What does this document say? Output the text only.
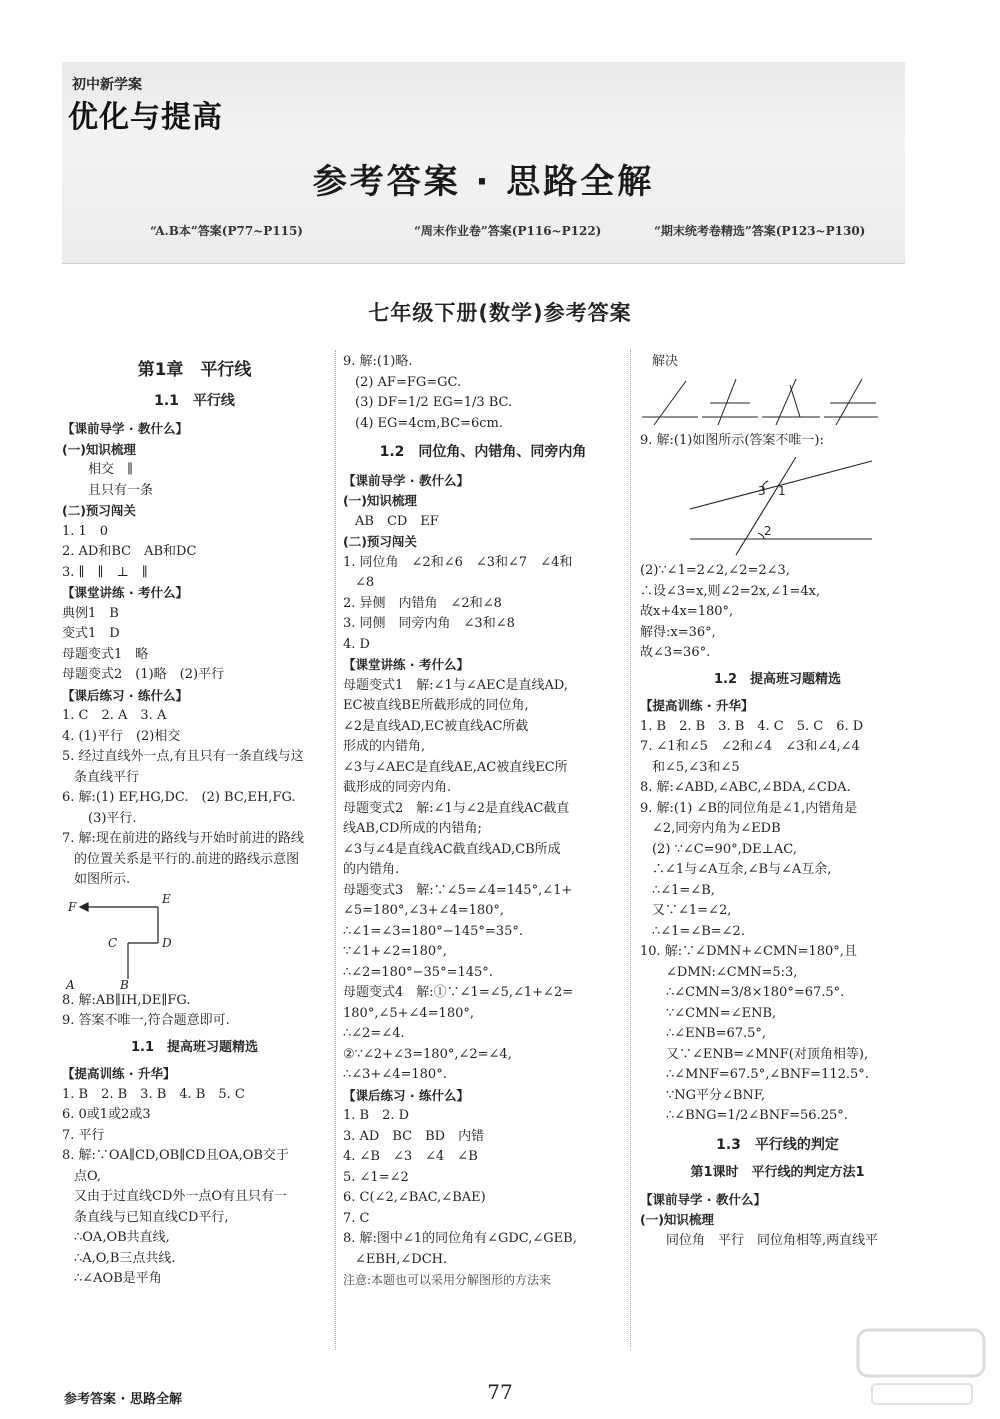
初中新学案
优化与提高
参考答案 · 思路全解
“A.B本”答案(P77~P115)	“周末作业卷”答案(P116~P122)	“期末统考卷精选”答案(P123~P130)
七年级下册(数学)参考答案
第1章　平行线
1.1　平行线
【课前导学 · 教什么】
(一)知识梳理
相交　∥
且只有一条
(二)预习闯关
1. 1　0
2. AD和BC　AB和DC
3. ∥　∥　⊥　∥
【课堂讲练 · 考什么】
典例1　B
变式1　D
母题变式1　略
母题变式2　(1)略　(2)平行
【课后练习 · 练什么】
1. C　2. A　3. A
4. (1)平行　(2)相交
5. 经过直线外一点,有且只有一条直线与这
条直线平行
6. 解:(1) EF,HG,DC.　(2) BC,EH,FG.
(3)平行.
7. 解:现在前进的路线与开始时前进的路线
的位置关系是平行的.前进的路线示意图
如图所示.
F
E
C	D
A	B
8. 解:AB∥IH,DE∥FG.
9. 答案不唯一,符合题意即可.
1.1　提高班习题精选
【提高训练 · 升华】
1. B　2. B　3. B　4. B　5. C
6. 0或1或2或3
7. 平行
8. 解:∵OA∥CD,OB∥CD且OA,OB交于
点O,
又由于过直线CD外一点O有且只有一
条直线与已知直线CD平行,
∴OA,OB共直线,
∴A,O,B三点共线.
∴∠AOB是平角
9. 解:(1)略.
(2) AF=FG=GC.
(3) DF=1/2 EG=1/3 BC.
(4) EG=4cm,BC=6cm.
1.2　同位角、内错角、同旁内角
【课前导学 · 教什么】
(一)知识梳理
AB　CD　EF
(二)预习闯关
1. 同位角　∠2和∠6　∠3和∠7　∠4和
∠8
2. 异侧　内错角　∠2和∠8
3. 同侧　同旁内角　∠3和∠8
4. D
【课堂讲练 · 考什么】
母题变式1　解:∠1与∠AEC是直线AD,
EC被直线BE所截形成的同位角,
∠2是直线AD,EC被直线AC所截
形成的内错角,
∠3与∠AEC是直线AE,AC被直线EC所
截形成的同旁内角.
母题变式2　解:∠1与∠2是直线AC截直
线AB,CD所成的内错角;
∠3与∠4是直线AC截直线AD,CB所成
的内错角.
母题变式3　解:∵∠5=∠4=145°,∠1+
∠5=180°,∠3+∠4=180°,
∴∠1=∠3=180°−145°=35°.
∵∠1+∠2=180°,
∴∠2=180°−35°=145°.
母题变式4　解:①∵∠1=∠5,∠1+∠2=
180°,∠5+∠4=180°,
∴∠2=∠4.
②∵∠2+∠3=180°,∠2=∠4,
∴∠3+∠4=180°.
【课后练习 · 练什么】
1. B　2. D
3. AD　BC　BD　内错
4. ∠B　∠3　∠4　∠B
5. ∠1=∠2
6. C(∠2,∠BAC,∠BAE)
7. C
8. 解:图中∠1的同位角有∠GDC,∠GEB,
∠EBH,∠DCH.
注意:本题也可以采用分解图形的方法来
解决
9. 解:(1)如图所示(答案不唯一):
3 1
2
(2)∵∠1=2∠2,∠2=2∠3,
∴设∠3=x,则∠2=2x,∠1=4x,
故x+4x=180°,
解得:x=36°,
故∠3=36°.
1.2　提高班习题精选
【提高训练 · 升华】
1. B　2. B　3. B　4. C　5. C　6. D
7. ∠1和∠5　∠2和∠4　∠3和∠4,∠4
和∠5,∠3和∠5
8. 解:∠ABD,∠ABC,∠BDA,∠CDA.
9. 解:(1) ∠B的同位角是∠1,内错角是
∠2,同旁内角为∠EDB
(2) ∵∠C=90°,DE⊥AC,
∴∠1与∠A互余,∠B与∠A互余,
∴∠1=∠B,
又∵∠1=∠2,
∴∠1=∠B=∠2.
10. 解:∵∠DMN+∠CMN=180°,且
∠DMN:∠CMN=5:3,
∴∠CMN=3/8×180°=67.5°.
∵∠CMN=∠ENB,
∴∠ENB=67.5°,
又∵∠ENB=∠MNF(对顶角相等),
∴∠MNF=67.5°,∠BNF=112.5°.
∵NG平分∠BNF,
∴∠BNG=1/2∠BNF=56.25°.
1.3　平行线的判定
第1课时　平行线的判定方法1
【课前导学 · 教什么】
(一)知识梳理
同位角　平行　同位角相等,两直线平
参考答案 · 思路全解	77
